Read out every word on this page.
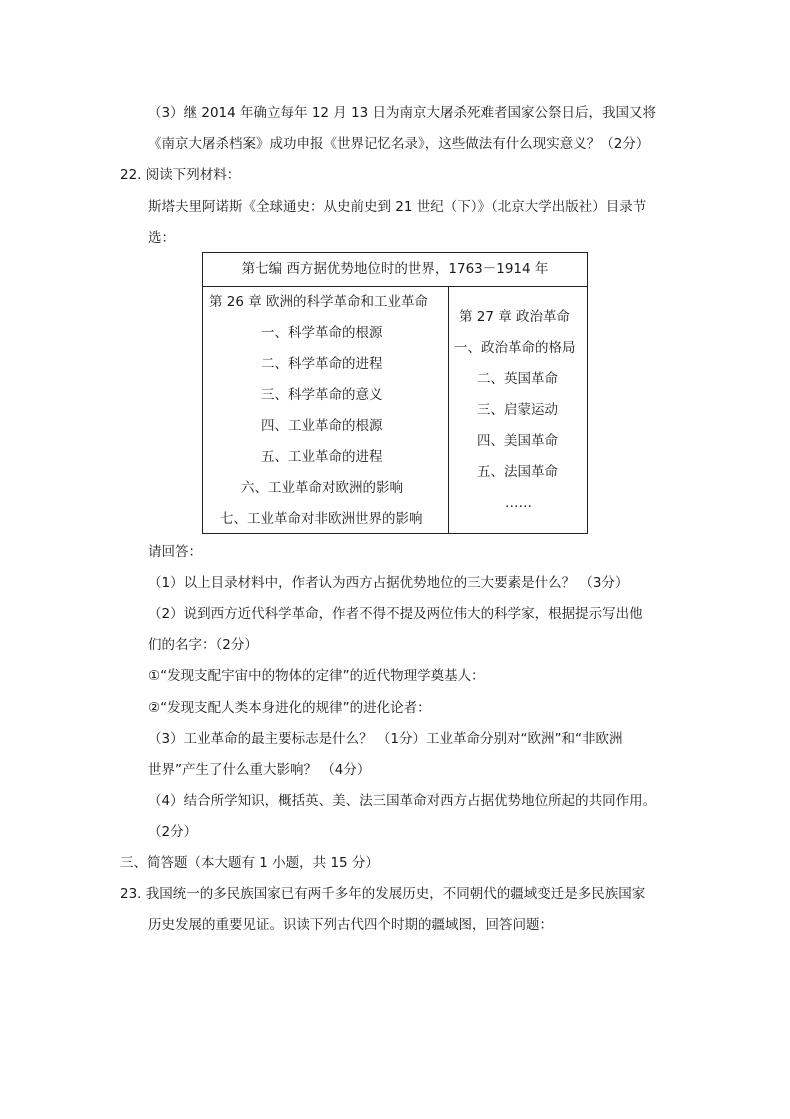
（3）继 2014 年确立每年 12 月 13 日为南京大屠杀死难者国家公祭日后，我国又将
《南京大屠杀档案》成功申报《世界记忆名录》，这些做法有什么现实意义？（2分）
22. 阅读下列材料：
斯塔夫里阿诺斯《全球通史：从史前史到 21 世纪（下）》（北京大学出版社）目录节
选：
第七编 西方据优势地位时的世界，1763－1914 年
第 26 章 欧洲的科学革命和工业革命
一、科学革命的根源
二、科学革命的进程
三、科学革命的意义
四、工业革命的根源
五、工业革命的进程
六、工业革命对欧洲的影响
七、工业革命对非欧洲世界的影响
第 27 章 政治革命
一、政治革命的格局
二、英国革命
三、启蒙运动
四、美国革命
五、法国革命
……
请回答：
（1）以上目录材料中，作者认为西方占据优势地位的三大要素是什么？ （3分）
（2）说到西方近代科学革命，作者不得不提及两位伟大的科学家，根据提示写出他
们的名字：（2分）
①“发现支配宇宙中的物体的定律”的近代物理学奠基人：
②“发现支配人类本身进化的规律”的进化论者：
（3）工业革命的最主要标志是什么？ （1分）工业革命分别对“欧洲”和“非欧洲
世界”产生了什么重大影响？ （4分）
（4）结合所学知识，概括英、美、法三国革命对西方占据优势地位所起的共同作用。
（2分）
三、简答题（本大题有 1 小题，共 15 分）
23. 我国统一的多民族国家已有两千多年的发展历史，不同朝代的疆域变迁是多民族国家
历史发展的重要见证。识读下列古代四个时期的疆域图，回答问题：
